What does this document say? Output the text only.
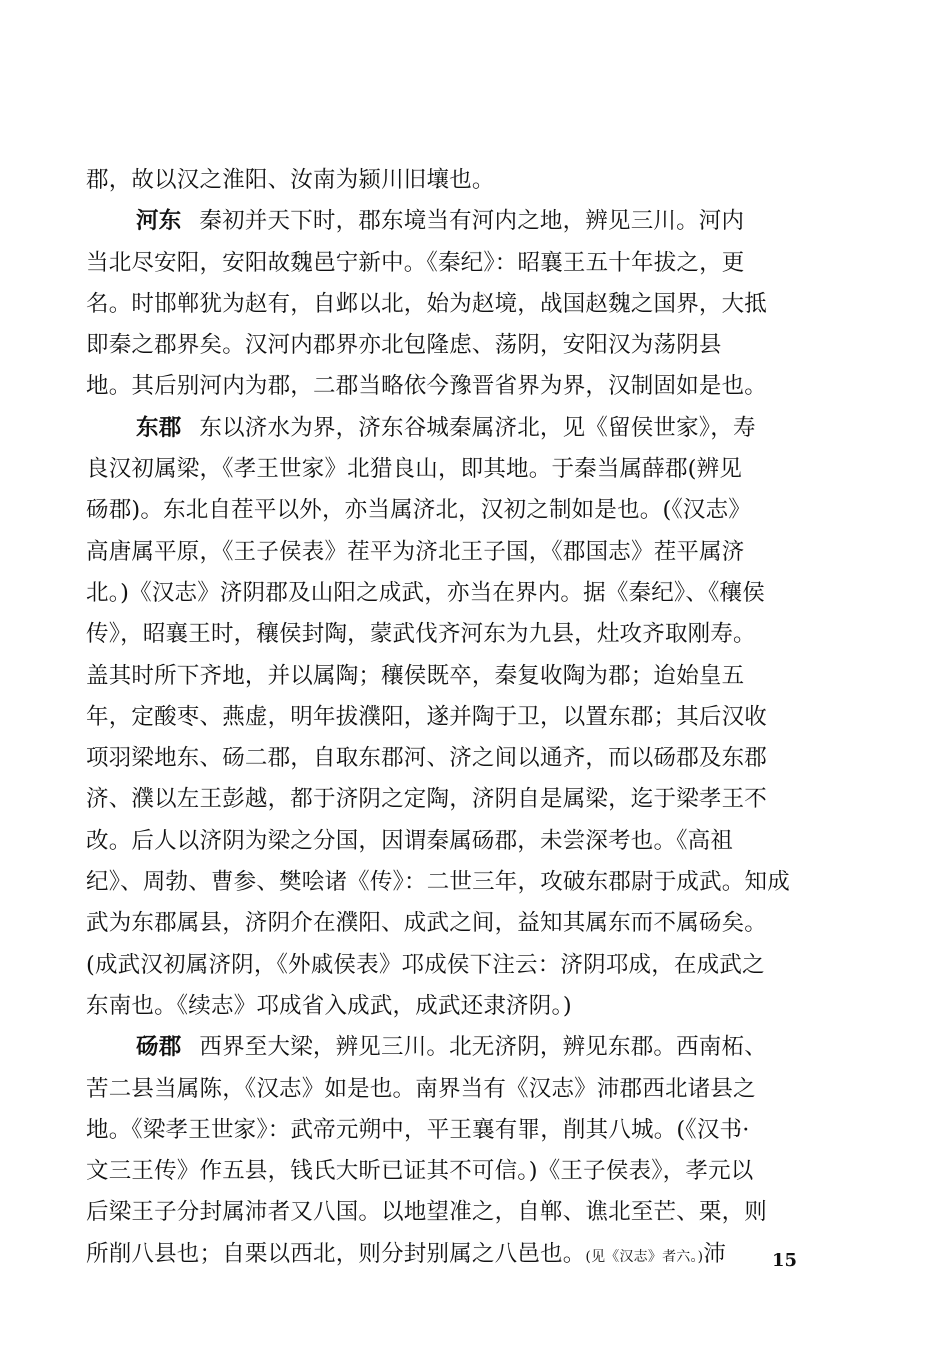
郡，故以汉之淮阳、汝南为颍川旧壤也。
河东 秦初并天下时，郡东境当有河内之地，辨见三川。河内
当北尽安阳，安阳故魏邑宁新中。《秦纪》：昭襄王五十年拔之，更
名。时邯郸犹为赵有，自邺以北，始为赵境，战国赵魏之国界，大抵
即秦之郡界矣。汉河内郡界亦北包隆虑、荡阴，安阳汉为荡阴县
地。其后别河内为郡，二郡当略依今豫晋省界为界，汉制固如是也。
东郡 东以济水为界，济东谷城秦属济北，见《留侯世家》，寿
良汉初属梁，《孝王世家》北猎良山，即其地。于秦当属薛郡(辨见
砀郡)。东北自茬平以外，亦当属济北，汉初之制如是也。(《汉志》
高唐属平原，《王子侯表》茬平为济北王子国，《郡国志》茬平属济
北。)《汉志》济阴郡及山阳之成武，亦当在界内。据《秦纪》、《穰侯
传》，昭襄王时，穰侯封陶，蒙武伐齐河东为九县，灶攻齐取刚寿。
盖其时所下齐地，并以属陶；穰侯既卒，秦复收陶为郡；迨始皇五
年，定酸枣、燕虚，明年拔濮阳，遂并陶于卫，以置东郡；其后汉收
项羽梁地东、砀二郡，自取东郡河、济之间以通齐，而以砀郡及东郡
济、濮以左王彭越，都于济阴之定陶，济阴自是属梁，迄于梁孝王不
改。后人以济阴为梁之分国，因谓秦属砀郡，未尝深考也。《高祖
纪》、周勃、曹参、樊哙诸《传》：二世三年，攻破东郡尉于成武。知成
武为东郡属县，济阴介在濮阳、成武之间，益知其属东而不属砀矣。
(成武汉初属济阴，《外戚侯表》邛成侯下注云：济阴邛成，在成武之
东南也。《续志》邛成省入成武，成武还隶济阴。)
砀郡 西界至大梁，辨见三川。北无济阴，辨见东郡。西南柘、
苦二县当属陈，《汉志》如是也。南界当有《汉志》沛郡西北诸县之
地。《梁孝王世家》：武帝元朔中，平王襄有罪，削其八城。(《汉书·
文三王传》作五县，钱氏大昕已证其不可信。)《王子侯表》，孝元以
后梁王子分封属沛者又八国。以地望准之，自郸、谯北至芒、栗，则
所削八县也；自栗以西北，则分封别属之八邑也。(见《汉志》者六。)沛	15
